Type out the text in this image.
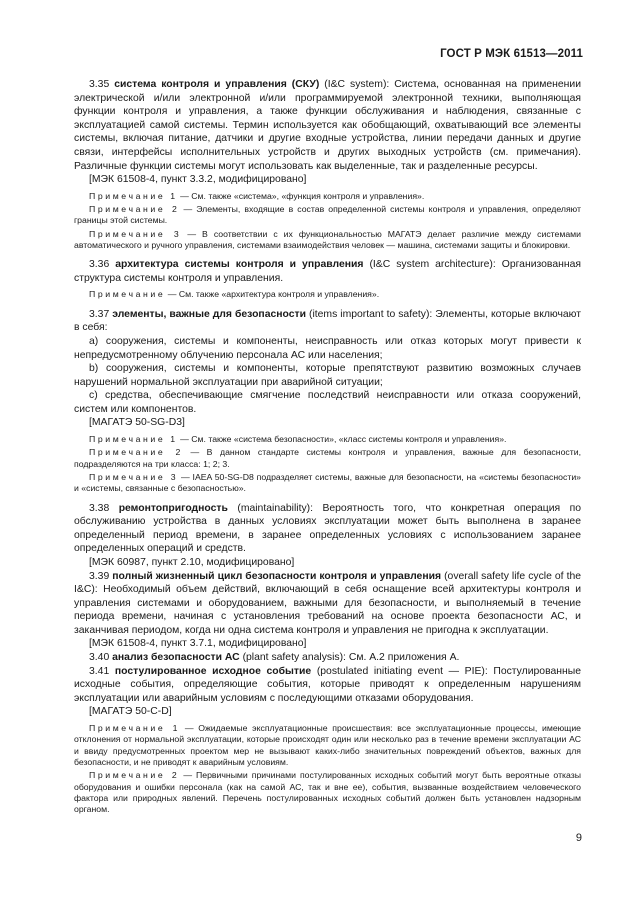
ГОСТ Р МЭК 61513—2011

3.35 система контроля и управления (СКУ) (I&C system): Система, основанная на применении электрической и/или электронной и/или программируемой электронной техники, выполняющая функции контроля и управления, а также функции обслуживания и наблюдения, связанные с эксплуатацией самой системы. Термин используется как обобщающий, охватывающий все элементы системы, включая питание, датчики и другие входные устройства, линии передачи данных и другие связи, интерфейсы исполнительных устройств и других выходных устройств (см. примечания). Различные функции системы могут использовать как выделенные, так и разделенные ресурсы.

[МЭК 61508-4, пункт 3.3.2, модифицировано]

Примечание 1 — См. также «система», «функция контроля и управления».

Примечание 2 — Элементы, входящие в состав определенной системы контроля и управления, определяют границы этой системы.

Примечание 3 — В соответствии с их функциональностью МАГАТЭ делает различие между системами автоматического и ручного управления, системами взаимодействия человек — машина, системами защиты и блокировки.

3.36 архитектура системы контроля и управления (I&C system architecture): Организованная структура системы контроля и управления.

Примечание — См. также «архитектура контроля и управления».

3.37 элементы, важные для безопасности (items important to safety): Элементы, которые включают в себя:

а) сооружения, системы и компоненты, неисправность или отказ которых могут привести к непредусмотренному облучению персонала АС или населения;

b) сооружения, системы и компоненты, которые препятствуют развитию возможных случаев нарушений нормальной эксплуатации при аварийной ситуации;

с) средства, обеспечивающие смягчение последствий неисправности или отказа сооружений, систем или компонентов.

[МАГАТЭ 50-SG-D3]

Примечание 1 — См. также «система безопасности», «класс системы контроля и управления».

Примечание 2 — В данном стандарте системы контроля и управления, важные для безопасности, подразделяются на три класса: 1; 2; 3.

Примечание 3 — IAEA 50-SG-D8 подразделяет системы, важные для безопасности, на «системы безопасности» и «системы, связанные с безопасностью».

3.38 ремонтопригодность (maintainability): Вероятность того, что конкретная операция по обслуживанию устройства в данных условиях эксплуатации может быть выполнена в заранее определенный период времени, в заранее определенных условиях с использованием заранее определенных операций и средств.

[МЭК 60987, пункт 2.10, модифицировано]

3.39 полный жизненный цикл безопасности контроля и управления (overall safety life cycle of the I&C): Необходимый объем действий, включающий в себя оснащение всей архитектуры контроля и управления системами и оборудованием, важными для безопасности, и выполняемый в течение периода времени, начиная с установления требований на основе проекта безопасности АС, и заканчивая периодом, когда ни одна система контроля и управления не пригодна к эксплуатации.

[МЭК 61508-4, пункт 3.7.1, модифицировано]

3.40 анализ безопасности АС (plant safety analysis): См. А.2 приложения А.

3.41 постулированное исходное событие (postulated initiating event — PIE): Постулированные исходные события, определяющие события, которые приводят к определенным нарушениям эксплуатации или аварийным условиям с последующими отказами оборудования.

[МАГАТЭ 50-С-D]

Примечание 1 — Ожидаемые эксплуатационные происшествия: все эксплуатационные процессы, имеющие отклонения от нормальной эксплуатации, которые происходят один или несколько раз в течение времени эксплуатации АС и ввиду предусмотренных проектом мер не вызывают каких-либо значительных повреждений объектов, важных для безопасности, и не приводят к аварийным условиям.

Примечание 2 — Первичными причинами постулированных исходных событий могут быть вероятные отказы оборудования и ошибки персонала (как на самой АС, так и вне ее), события, вызванные воздействием человеческого фактора или природных явлений. Перечень постулированных исходных событий должен быть установлен надзорным органом.

9
